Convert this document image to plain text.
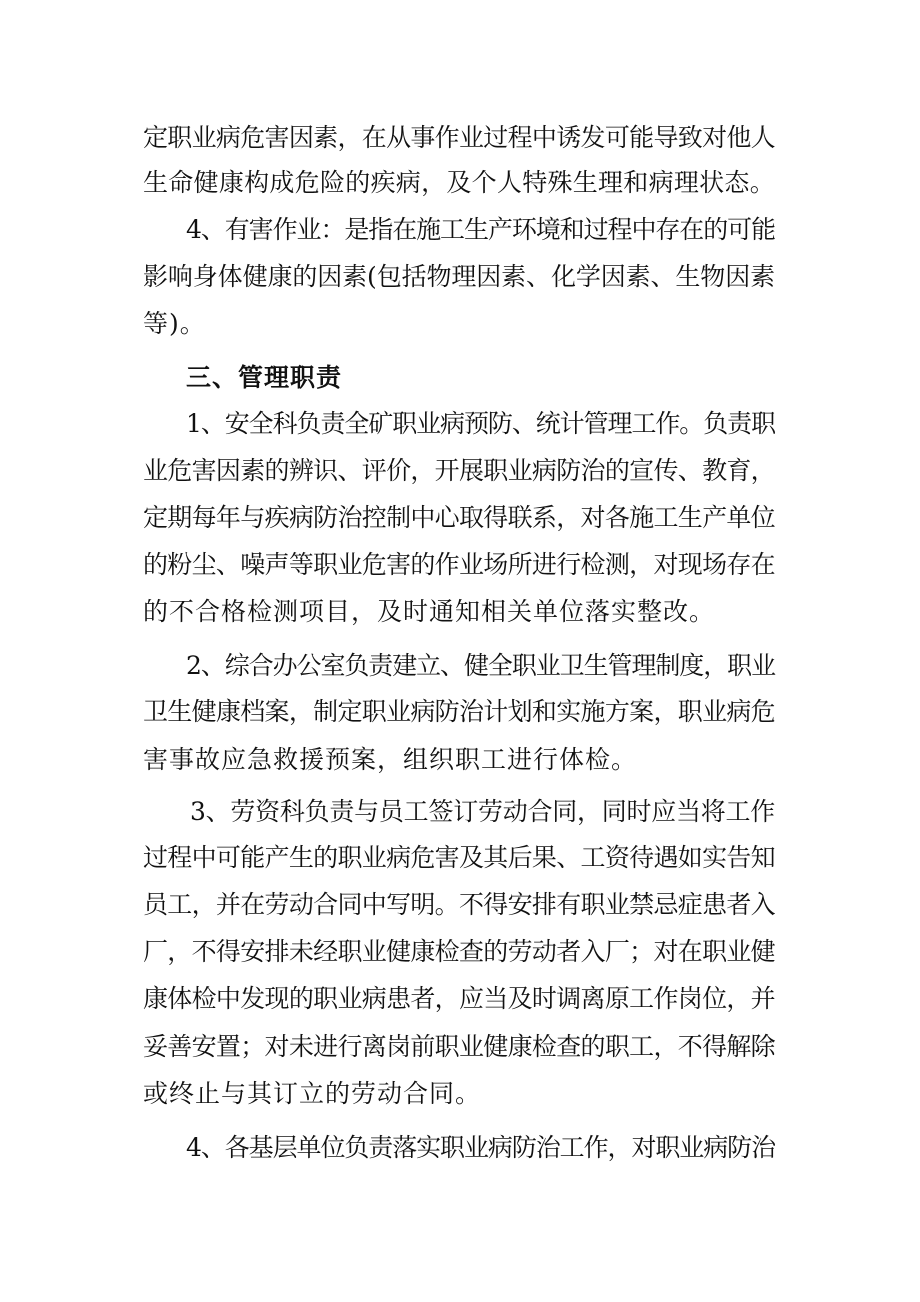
定职业病危害因素，在从事作业过程中诱发可能导致对他人
生命健康构成危险的疾病，及个人特殊生理和病理状态。
4、有害作业：是指在施工生产环境和过程中存在的可能
影响身体健康的因素(包括物理因素、化学因素、生物因素
等)。
三、管理职责
1、安全科负责全矿职业病预防、统计管理工作。负责职
业危害因素的辨识、评价，开展职业病防治的宣传、教育，
定期每年与疾病防治控制中心取得联系，对各施工生产单位
的粉尘、噪声等职业危害的作业场所进行检测，对现场存在
的不合格检测项目，及时通知相关单位落实整改。
2、综合办公室负责建立、健全职业卫生管理制度，职业
卫生健康档案，制定职业病防治计划和实施方案，职业病危
害事故应急救援预案，组织职工进行体检。
3、劳资科负责与员工签订劳动合同，同时应当将工作
过程中可能产生的职业病危害及其后果、工资待遇如实告知
员工，并在劳动合同中写明。不得安排有职业禁忌症患者入
厂，不得安排未经职业健康检查的劳动者入厂；对在职业健
康体检中发现的职业病患者，应当及时调离原工作岗位，并
妥善安置；对未进行离岗前职业健康检查的职工，不得解除
或终止与其订立的劳动合同。
4、各基层单位负责落实职业病防治工作，对职业病防治
